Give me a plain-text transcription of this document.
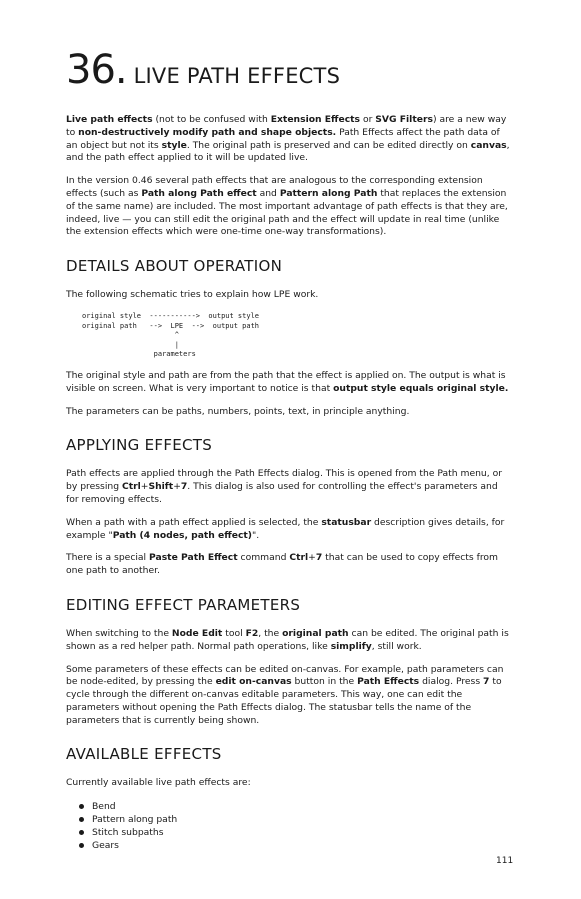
36. LIVE PATH EFFECTS

Live path effects (not to be confused with Extension Effects or SVG Filters) are a new way to non-destructively modify path and shape objects. Path Effects affect the path data of an object but not its style. The original path is preserved and can be edited directly on canvas, and the path effect applied to it will be updated live.

In the version 0.46 several path effects that are analogous to the corresponding extension effects (such as Path along Path effect and Pattern along Path that replaces the extension of the same name) are included. The most important advantage of path effects is that they are, indeed, live — you can still edit the original path and the effect will update in real time (unlike the extension effects which were one-time one-way transformations).

DETAILS ABOUT OPERATION

The following schematic tries to explain how LPE work.

original style  ----------->  output style
original path   -->  LPE  -->  output path
^
|
parameters

The original style and path are from the path that the effect is applied on. The output is what is visible on screen. What is very important to notice is that output style equals original style.

The parameters can be paths, numbers, points, text, in principle anything.

APPLYING EFFECTS

Path effects are applied through the Path Effects dialog. This is opened from the Path menu, or by pressing Ctrl+Shift+7. This dialog is also used for controlling the effect's parameters and for removing effects.

When a path with a path effect applied is selected, the statusbar description gives details, for example "Path (4 nodes, path effect)".

There is a special Paste Path Effect command Ctrl+7 that can be used to copy effects from one path to another.

EDITING EFFECT PARAMETERS

When switching to the Node Edit tool F2, the original path can be edited. The original path is shown as a red helper path. Normal path operations, like simplify, still work.

Some parameters of these effects can be edited on-canvas. For example, path parameters can be node-edited, by pressing the edit on-canvas button in the Path Effects dialog. Press 7 to cycle through the different on-canvas editable parameters. This way, one can edit the parameters without opening the Path Effects dialog. The statusbar tells the name of the parameters that is currently being shown.

AVAILABLE EFFECTS

Currently available live path effects are:

Bend
Pattern along path
Stitch subpaths
Gears
111
